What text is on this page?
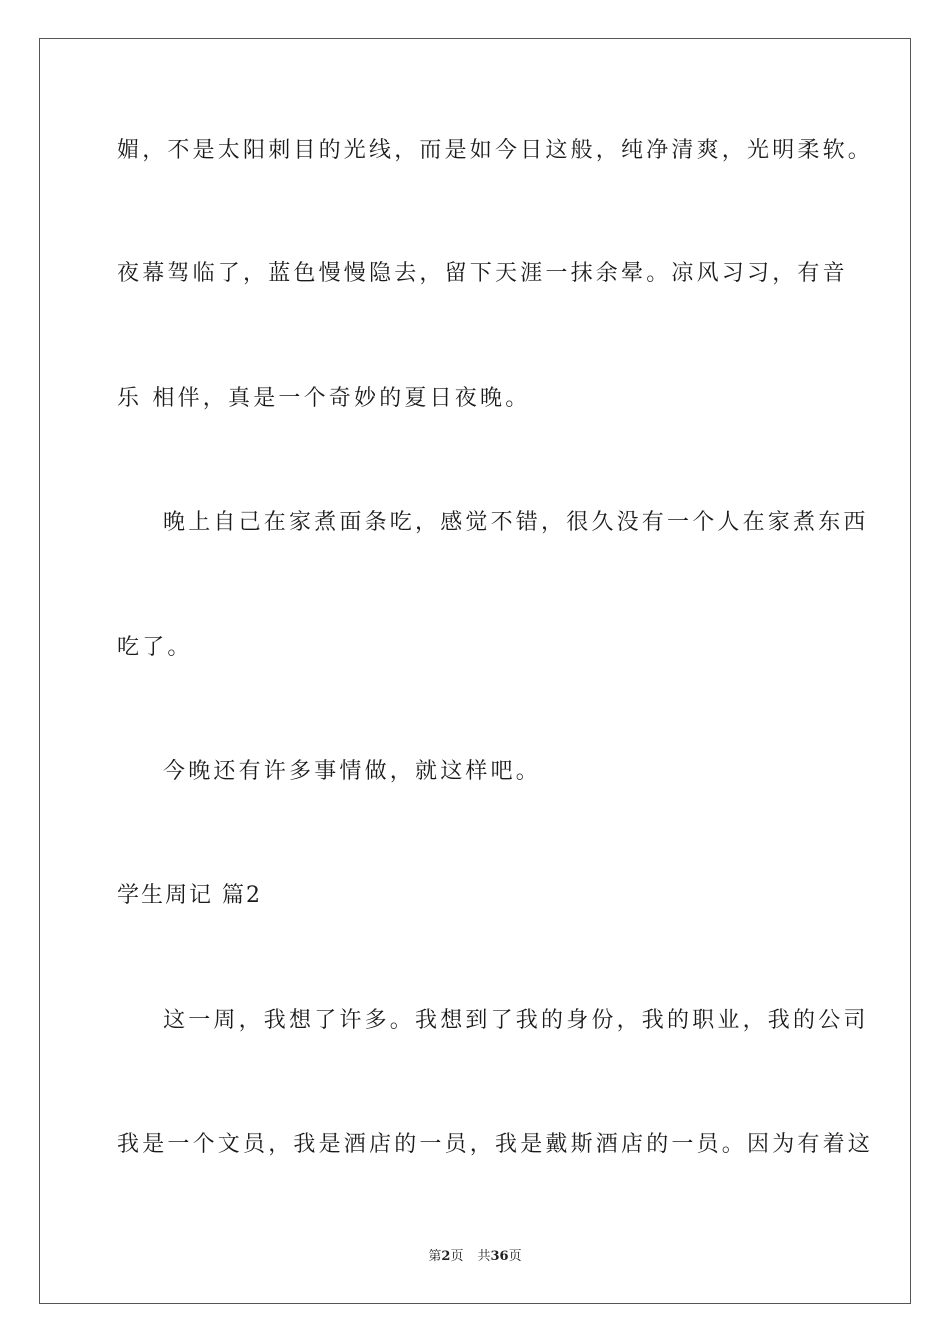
媚，不是太阳刺目的光线，而是如今日这般，纯净清爽，光明柔软。
夜幕驾临了，蓝色慢慢隐去，留下天涯一抹余晕。凉风习习，有音
乐 相伴，真是一个奇妙的夏日夜晚。
晚上自己在家煮面条吃，感觉不错，很久没有一个人在家煮东西
吃了。
今晚还有许多事情做，就这样吧。
学生周记 篇2
这一周，我想了许多。我想到了我的身份，我的职业，我的公司
我是一个文员，我是酒店的一员，我是戴斯酒店的一员。因为有着这
第2页 共36页
